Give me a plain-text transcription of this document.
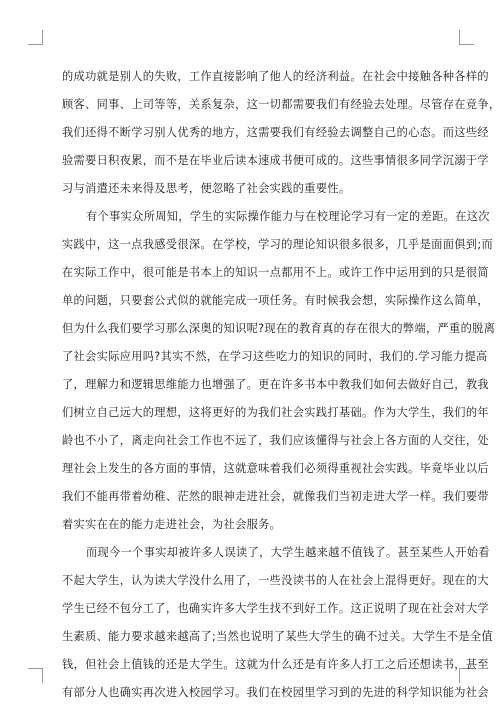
的成功就是别人的失败，工作直接影响了他人的经济利益。在社会中接触各种各样的
顾客、同事、上司等等，关系复杂，这一切都需要我们有经验去处理。尽管存在竞争，
我们还得不断学习别人优秀的地方，这需要我们有经验去调整自己的心态。而这些经
验需要日积夜累，而不是在毕业后读本速成书便可成的。这些事情很多同学沉溺于学
习与消遣还未来得及思考，便忽略了社会实践的重要性。
有个事实众所周知，学生的实际操作能力与在校理论学习有一定的差距。在这次
实践中，这一点我感受很深。在学校，学习的理论知识很多很多，几乎是面面俱到;而
在实际工作中，很可能是书本上的知识一点都用不上。或许工作中运用到的只是很简
单的问题，只要套公式似的就能完成一项任务。有时候我会想，实际操作这么简单，
但为什么我们要学习那么深奥的知识呢?现在的教育真的存在很大的弊端，严重的脱离
了社会实际应用吗?其实不然，在学习这些吃力的知识的同时，我们的.学习能力提高
了，理解力和逻辑思维能力也增强了。更在许多书本中教我们如何去做好自己，教我
们树立自己远大的理想，这将更好的为我们社会实践打基础。作为大学生，我们的年
龄也不小了，离走向社会工作也不远了，我们应该懂得与社会上各方面的人交往，处
理社会上发生的各方面的事情，这就意味着我们必须得重视社会实践。毕竟毕业以后
我们不能再带着幼稚、茫然的眼神走进社会，就像我们当初走进大学一样。我们要带
着实实在在的能力走进社会，为社会服务。
而现今一个事实却被许多人误读了，大学生越来越不值钱了。甚至某些人开始看
不起大学生，认为读大学没什么用了，一些没读书的人在社会上混得更好。现在的大
学生已经不包分工了，也确实许多大学生找不到好工作。这正说明了现在社会对大学
生素质、能力要求越来越高了;当然也说明了某些大学生的确不过关。大学生不是全值
钱，但社会上值钱的还是大学生。这就为什么还是有许多人打工之后还想读书，甚至
有部分人也确实再次进入校园学习。我们在校园里学习到的先进的科学知识能为社会
